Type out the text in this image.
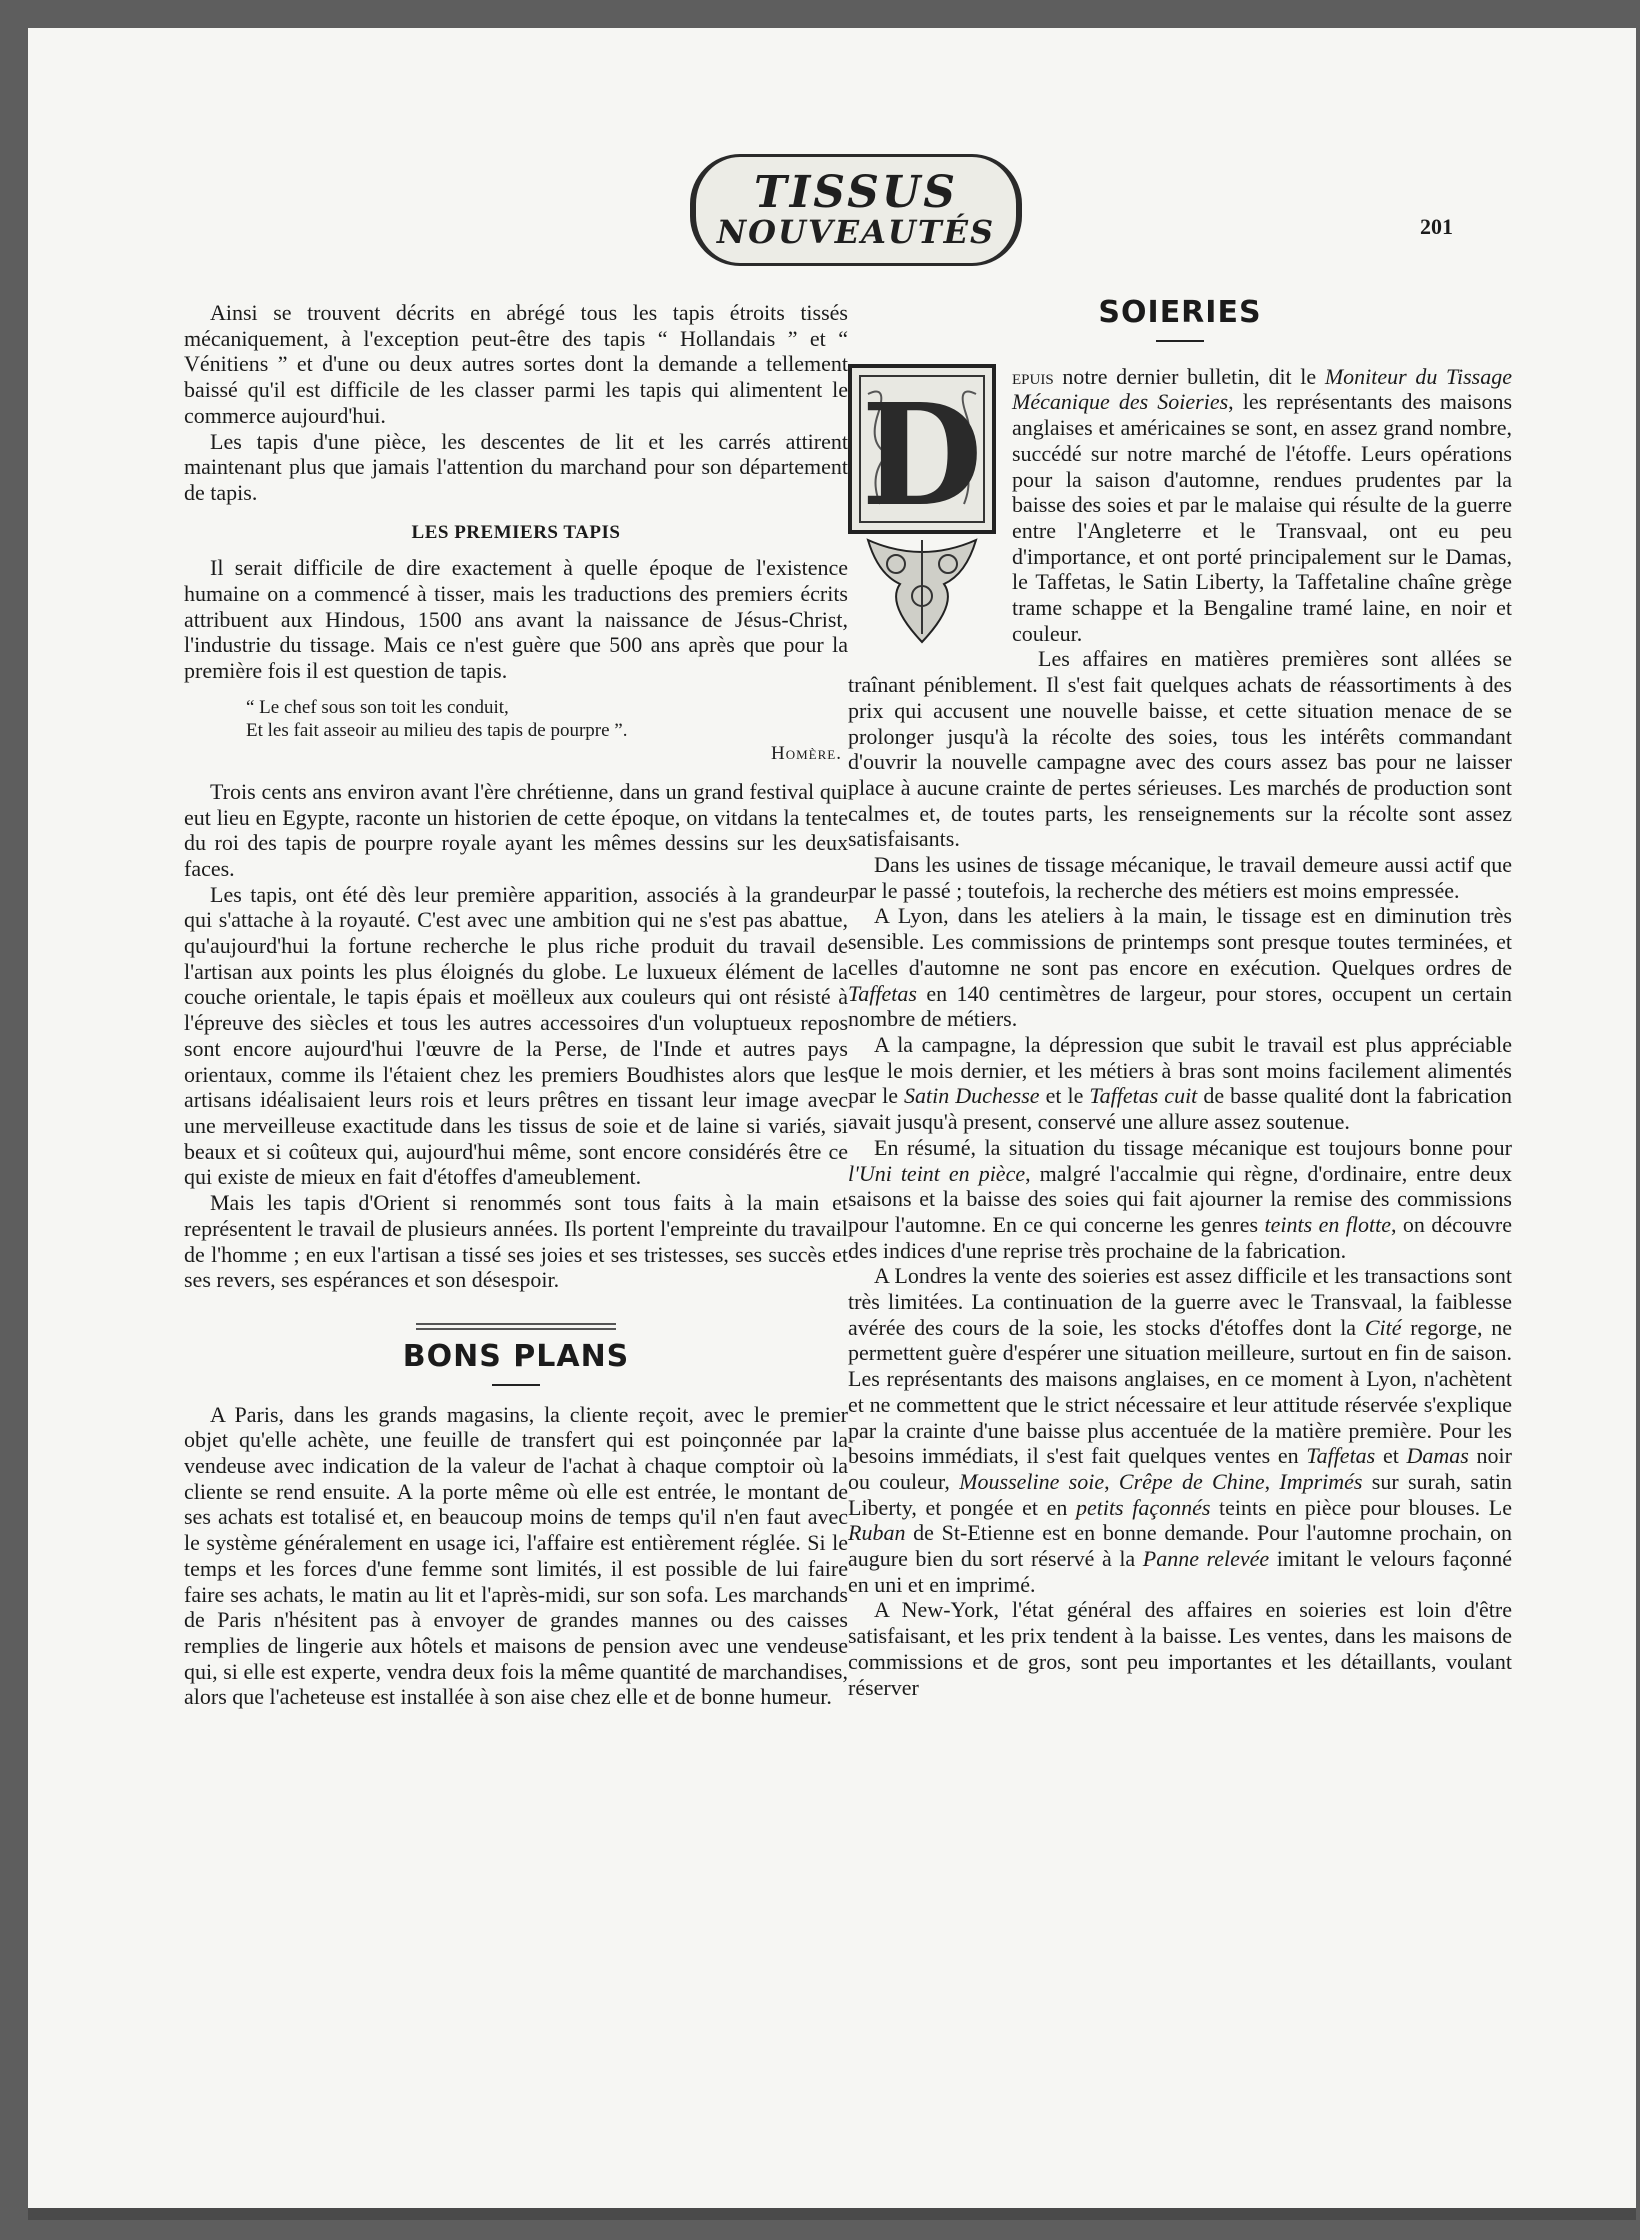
TISSUS
NOUVEAUTÉS	201

Ainsi se trouvent décrits en abrégé tous les tapis étroits tissés mécaniquement, à l'exception peut-être des tapis “ Hollandais ” et “ Vénitiens ” et d'une ou deux autres sortes dont la demande a tellement baissé qu'il est difficile de les classer parmi les tapis qui alimentent le commerce aujourd'hui.

Les tapis d'une pièce, les descentes de lit et les carrés attirent maintenant plus que jamais l'attention du marchand pour son département de tapis.

LES PREMIERS TAPIS

Il serait difficile de dire exactement à quelle époque de l'existence humaine on a commencé à tisser, mais les traductions des premiers écrits attribuent aux Hindous, 1500 ans avant la naissance de Jésus-Christ, l'industrie du tissage. Mais ce n'est guère que 500 ans après que pour la première fois il est question de tapis.

“ Le chef sous son toit les conduit,
Et les fait asseoir au milieu des tapis de pourpre ”.
Homère.

Trois cents ans environ avant l'ère chrétienne, dans un grand festival qui eut lieu en Egypte, raconte un historien de cette époque, on vitdans la tente du roi des tapis de pourpre royale ayant les mêmes dessins sur les deux faces.

Les tapis, ont été dès leur première apparition, associés à la grandeur qui s'attache à la royauté. C'est avec une ambition qui ne s'est pas abattue, qu'aujourd'hui la fortune recherche le plus riche produit du travail de l'artisan aux points les plus éloignés du globe. Le luxueux élément de la couche orientale, le tapis épais et moëlleux aux couleurs qui ont résisté à l'épreuve des siècles et tous les autres accessoires d'un voluptueux repos sont encore aujourd'hui l'œuvre de la Perse, de l'Inde et autres pays orientaux, comme ils l'étaient chez les premiers Boudhistes alors que les artisans idéalisaient leurs rois et leurs prêtres en tissant leur image avec une merveilleuse exactitude dans les tissus de soie et de laine si variés, si beaux et si coûteux qui, aujourd'hui même, sont encore considérés être ce qui existe de mieux en fait d'étoffes d'ameublement.

Mais les tapis d'Orient si renommés sont tous faits à la main et représentent le travail de plusieurs années. Ils portent l'empreinte du travail de l'homme ; en eux l'artisan a tissé ses joies et ses tristesses, ses succès et ses revers, ses espérances et son désespoir.

BONS PLANS

A Paris, dans les grands magasins, la cliente reçoit, avec le premier objet qu'elle achète, une feuille de transfert qui est poinçonnée par la vendeuse avec indication de la valeur de l'achat à chaque comptoir où la cliente se rend ensuite. A la porte même où elle est entrée, le montant de ses achats est totalisé et, en beaucoup moins de temps qu'il n'en faut avec le système généralement en usage ici, l'affaire est entièrement réglée. Si le temps et les forces d'une femme sont limités, il est possible de lui faire faire ses achats, le matin au lit et l'après-midi, sur son sofa. Les marchands de Paris n'hésitent pas à envoyer de grandes mannes ou des caisses remplies de lingerie aux hôtels et maisons de pension avec une vendeuse qui, si elle est experte, vendra deux fois la même quantité de marchandises, alors que l'acheteuse est installée à son aise chez elle et de bonne humeur.

SOIERIES
D	epuis notre dernier bulletin, dit le Moniteur du Tissage Mécanique des Soieries, les représentants des maisons anglaises et américaines se sont, en assez grand nombre, succédé sur notre marché de l'étoffe. Leurs opérations pour la saison d'automne, rendues prudentes par la baisse des soies et par le malaise qui résulte de la guerre entre l'Angleterre et le Transvaal, ont eu peu d'importance, et ont porté principalement sur le Damas, le Taffetas, le Satin Liberty, la Taffetaline chaîne grège trame schappe et la Bengaline tramé laine, en noir et couleur.

Les affaires en matières premières sont allées se traînant péniblement. Il s'est fait quelques achats de réassortiments à des prix qui accusent une nouvelle baisse, et cette situation menace de se prolonger jusqu'à la récolte des soies, tous les intérêts commandant d'ouvrir la nouvelle campagne avec des cours assez bas pour ne laisser place à aucune crainte de pertes sérieuses. Les marchés de production sont calmes et, de toutes parts, les renseignements sur la récolte sont assez satisfaisants.

Dans les usines de tissage mécanique, le travail demeure aussi actif que par le passé ; toutefois, la recherche des métiers est moins empressée.

A Lyon, dans les ateliers à la main, le tissage est en diminution très sensible. Les commissions de printemps sont presque toutes terminées, et celles d'automne ne sont pas encore en exécution. Quelques ordres de Taffetas en 140 centimètres de largeur, pour stores, occupent un certain nombre de métiers.

A la campagne, la dépression que subit le travail est plus appréciable que le mois dernier, et les métiers à bras sont moins facilement alimentés par le Satin Duchesse et le Taffetas cuit de basse qualité dont la fabrication avait jusqu'à present, conservé une allure assez soutenue.

En résumé, la situation du tissage mécanique est toujours bonne pour l'Uni teint en pièce, malgré l'accalmie qui règne, d'ordinaire, entre deux saisons et la baisse des soies qui fait ajourner la remise des commissions pour l'automne. En ce qui concerne les genres teints en flotte, on découvre des indices d'une reprise très prochaine de la fabrication.

A Londres la vente des soieries est assez difficile et les transactions sont très limitées. La continuation de la guerre avec le Transvaal, la faiblesse avérée des cours de la soie, les stocks d'étoffes dont la Cité regorge, ne permettent guère d'espérer une situation meilleure, surtout en fin de saison. Les représentants des maisons anglaises, en ce moment à Lyon, n'achètent et ne commettent que le strict nécessaire et leur attitude réservée s'explique par la crainte d'une baisse plus accentuée de la matière première. Pour les besoins immédiats, il s'est fait quelques ventes en Taffetas et Damas noir ou couleur, Mousseline soie, Crêpe de Chine, Imprimés sur surah, satin Liberty, et pongée et en petits façonnés teints en pièce pour blouses. Le Ruban de St-Etienne est en bonne demande. Pour l'automne prochain, on augure bien du sort réservé à la Panne relevée imitant le velours façonné en uni et en imprimé.

A New-York, l'état général des affaires en soieries est loin d'être satisfaisant, et les prix tendent à la baisse. Les ventes, dans les maisons de commissions et de gros, sont peu importantes et les détaillants, voulant réserver
